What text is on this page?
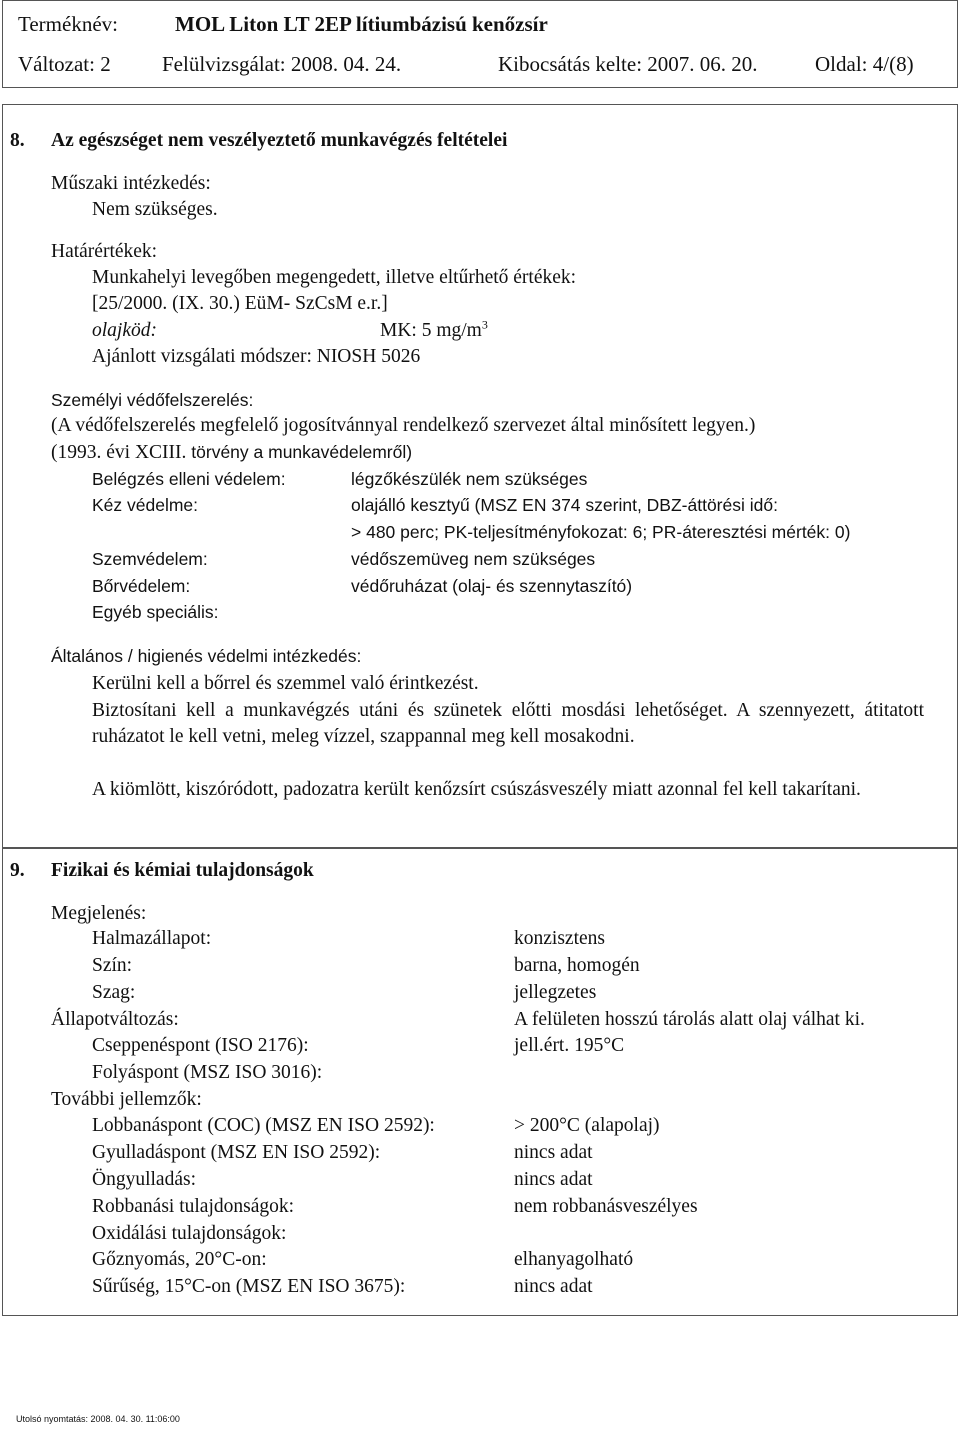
Terméknév:	MOL Liton LT 2EP lítiumbázisú kenőzsír
Változat: 2 Felülvizsgálat: 2008. 04. 24.	Kibocsátás kelte: 2007. 06. 20.	Oldal: 4/(8)
8. Az egészséget nem veszélyeztető munkavégzés feltételei
Műszaki intézkedés:
Nem szükséges.
Határértékek:
Munkahelyi levegőben megengedett, illetve eltűrhető értékek:
[25/2000. (IX. 30.) EüM- SzCsM e.r.]
olajköd:	MK: 5 $mg/m^3$
Ajánlott vizsgálati módszer: NIOSH 5026
Személyi védőfelszerelés:
(A védőfelszerelés megfelelő jogosítvánnyal rendelkező szervezet által minősített legyen.)
(1993. évi XCIII. törvény a munkavédelemről)
Belégzés elleni védelem:	légzőkészülék nem szükséges
Kéz védelme:	olajálló kesztyű (MSZ EN 374 szerint, DBZ-áttörési idő:
> 480 perc; PK-teljesítményfokozat: 6; PR-áteresztési mérték: 0)
Szemvédelem:	védőszemüveg nem szükséges
Bőrvédelem:	védőruházat (olaj- és szennytaszító)
Egyéb speciális:
Általános / higienés védelmi intézkedés:
Kerülni kell a bőrrel és szemmel való érintkezést.
Biztosítani kell a munkavégzés utáni és szünetek előtti mosdási lehetőséget. A szennyezett, átitatott ruházatot le kell vetni, meleg vízzel, szappannal meg kell mosakodni.
A kiömlött, kiszóródott, padozatra került kenőzsírt csúszásveszély miatt azonnal fel kell takarítani.
9. Fizikai és kémiai tulajdonságok
Megjelenés:
Halmazállapot:	konzisztens
Szín:	barna, homogén
Szag:	jellegzetes
Állapotváltozás:	A felületen hosszú tárolás alatt olaj válhat ki.
Cseppenéspont (ISO 2176):	jell.ért. 195°C
Folyáspont (MSZ ISO 3016):
További jellemzők:
Lobbanáspont (COC) (MSZ EN ISO 2592):	> 200°C (alapolaj)
Gyulladáspont (MSZ EN ISO 2592):	nincs adat
Öngyulladás:	nincs adat
Robbanási tulajdonságok:	nem robbanásveszélyes
Oxidálási tulajdonságok:
Gőznyomás, 20°C-on:	elhanyagolható
Sűrűség, 15°C-on (MSZ EN ISO 3675):	nincs adat
Utolsó nyomtatás: 2008. 04. 30. 11:06:00
